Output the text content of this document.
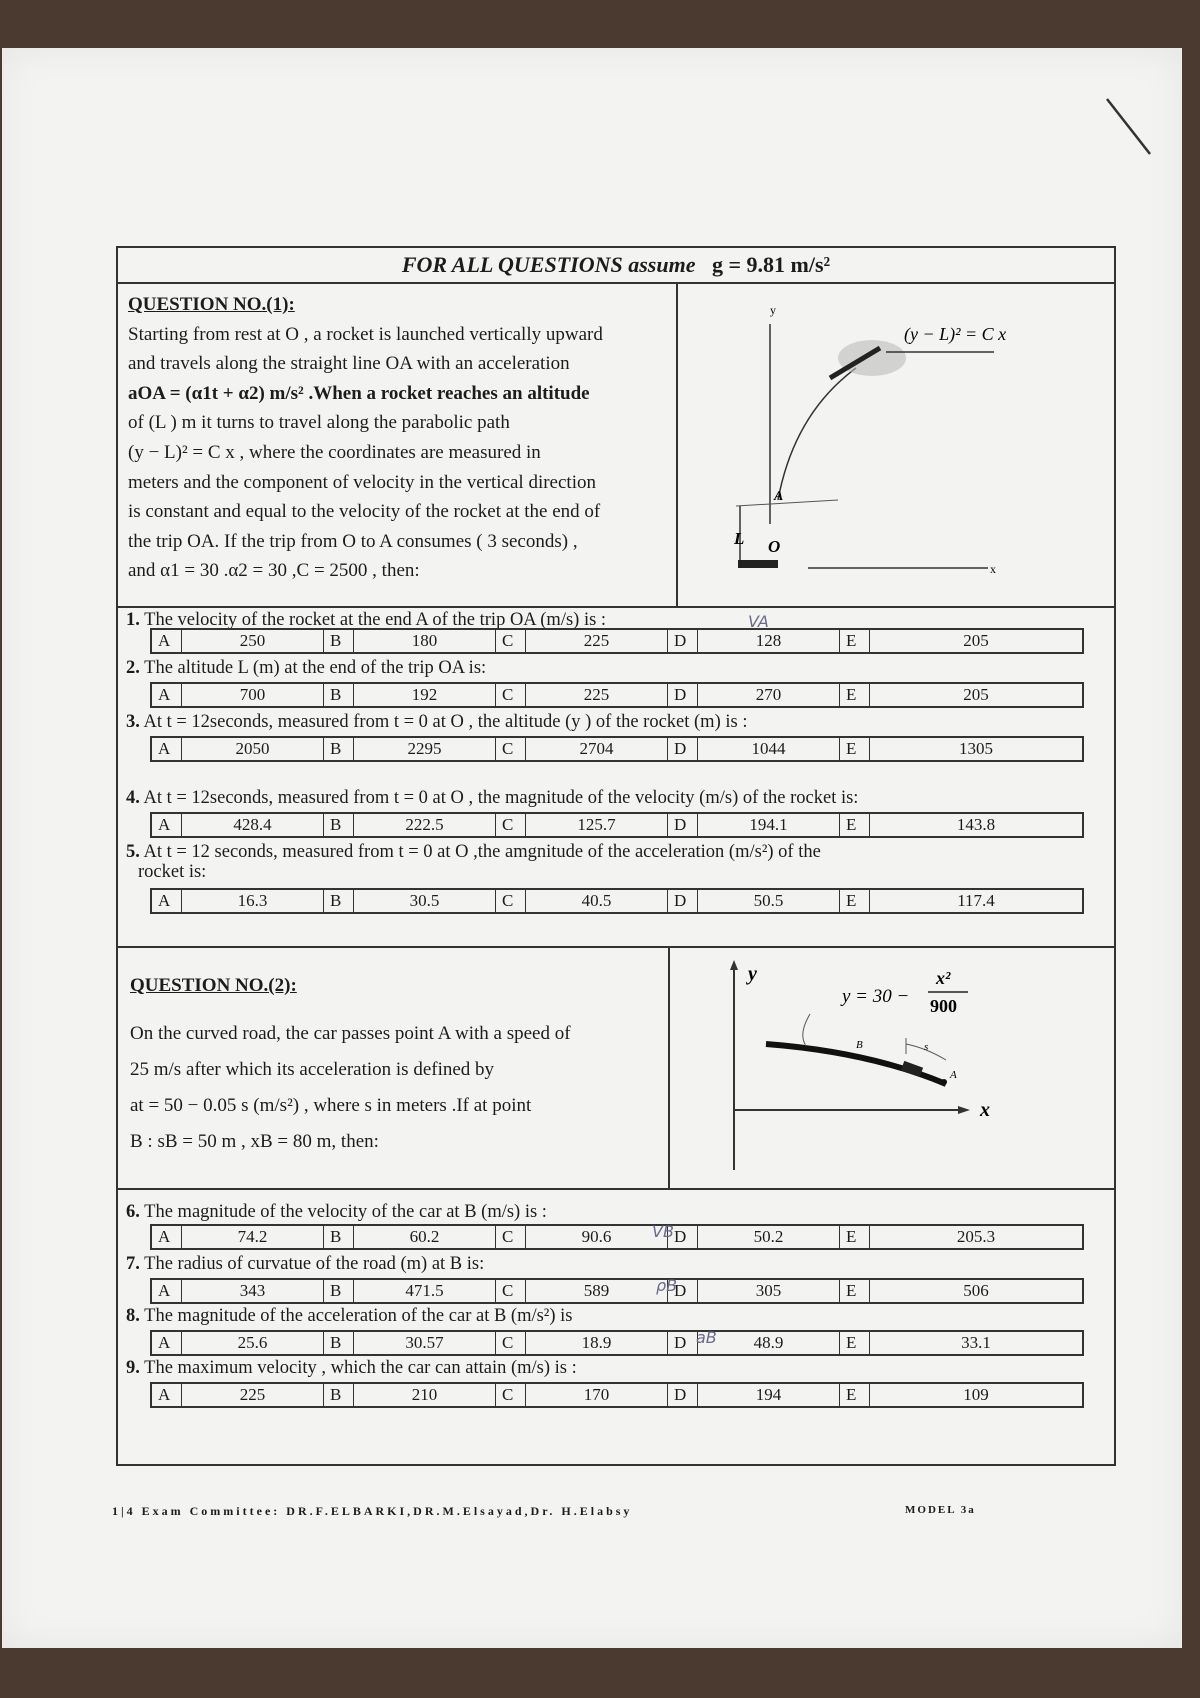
FOR ALL QUESTIONS assume g = 9.81 m/s²
QUESTION NO.(1):
Starting from rest at O , a rocket is launched vertically upward
and travels along the straight line OA with an acceleration
aOA = (α1t + α2) m/s² .When a rocket reaches an altitude
of (L ) m it turns to travel along the parabolic path
(y − L)² = C x , where the coordinates are measured in
meters and the component of velocity in the vertical direction
is constant and equal to the velocity of the rocket at the end of
the trip OA. If the trip from O to A consumes ( 3 seconds) ,
and α1 = 30 .α2 = 30 ,C = 2500 , then:
y
x
A
L O
(y − L)² = C x
1. The velocity of the rocket at the end A of the trip OA (m/s) is :
A	250	B	180	C	225	D	128	E	205
2. The altitude L (m) at the end of the trip OA is:
A	700	B	192	C	225	D	270	E	205
3. At t = 12seconds, measured from t = 0 at O , the altitude (y ) of the rocket (m) is :
A	2050	B	2295	C	2704	D	1044	E	1305
4. At t = 12seconds, measured from t = 0 at O , the magnitude of the velocity (m/s) of the rocket is:
A	428.4	B	222.5	C	125.7	D	194.1	E	143.8
5. At t = 12 seconds, measured from t = 0 at O ,the amgnitude of the acceleration (m/s²) of the
rocket is:
A	16.3	B	30.5	C	40.5	D	50.5	E	117.4
QUESTION NO.(2):
On the curved road, the car passes point A with a speed of
25 m/s after which its acceleration is defined by
at = 50 − 0.05 s (m/s²) , where s in meters .If at point
B : sB = 50 m , xB = 80 m, then:
y
x
B
A
s
y = 30 −
x²
900
6. The magnitude of the velocity of the car at B (m/s) is :
A	74.2	B	60.2	C	90.6	D	50.2	E	205.3
7. The radius of curvatue of the road (m) at B is:
A	343	B	471.5	C	589	D	305	E	506
8. The magnitude of the acceleration of the car at B (m/s²) is
A	25.6	B	30.57	C	18.9	D	48.9	E	33.1
9. The maximum velocity , which the car can attain (m/s) is :
A	225	B	210	C	170	D	194	E	109
VA
VB
ρB
aB
1|4 Exam Committee: DR.F.ELBARKI,DR.M.Elsayad,Dr. H.Elabsy	MODEL 3a
